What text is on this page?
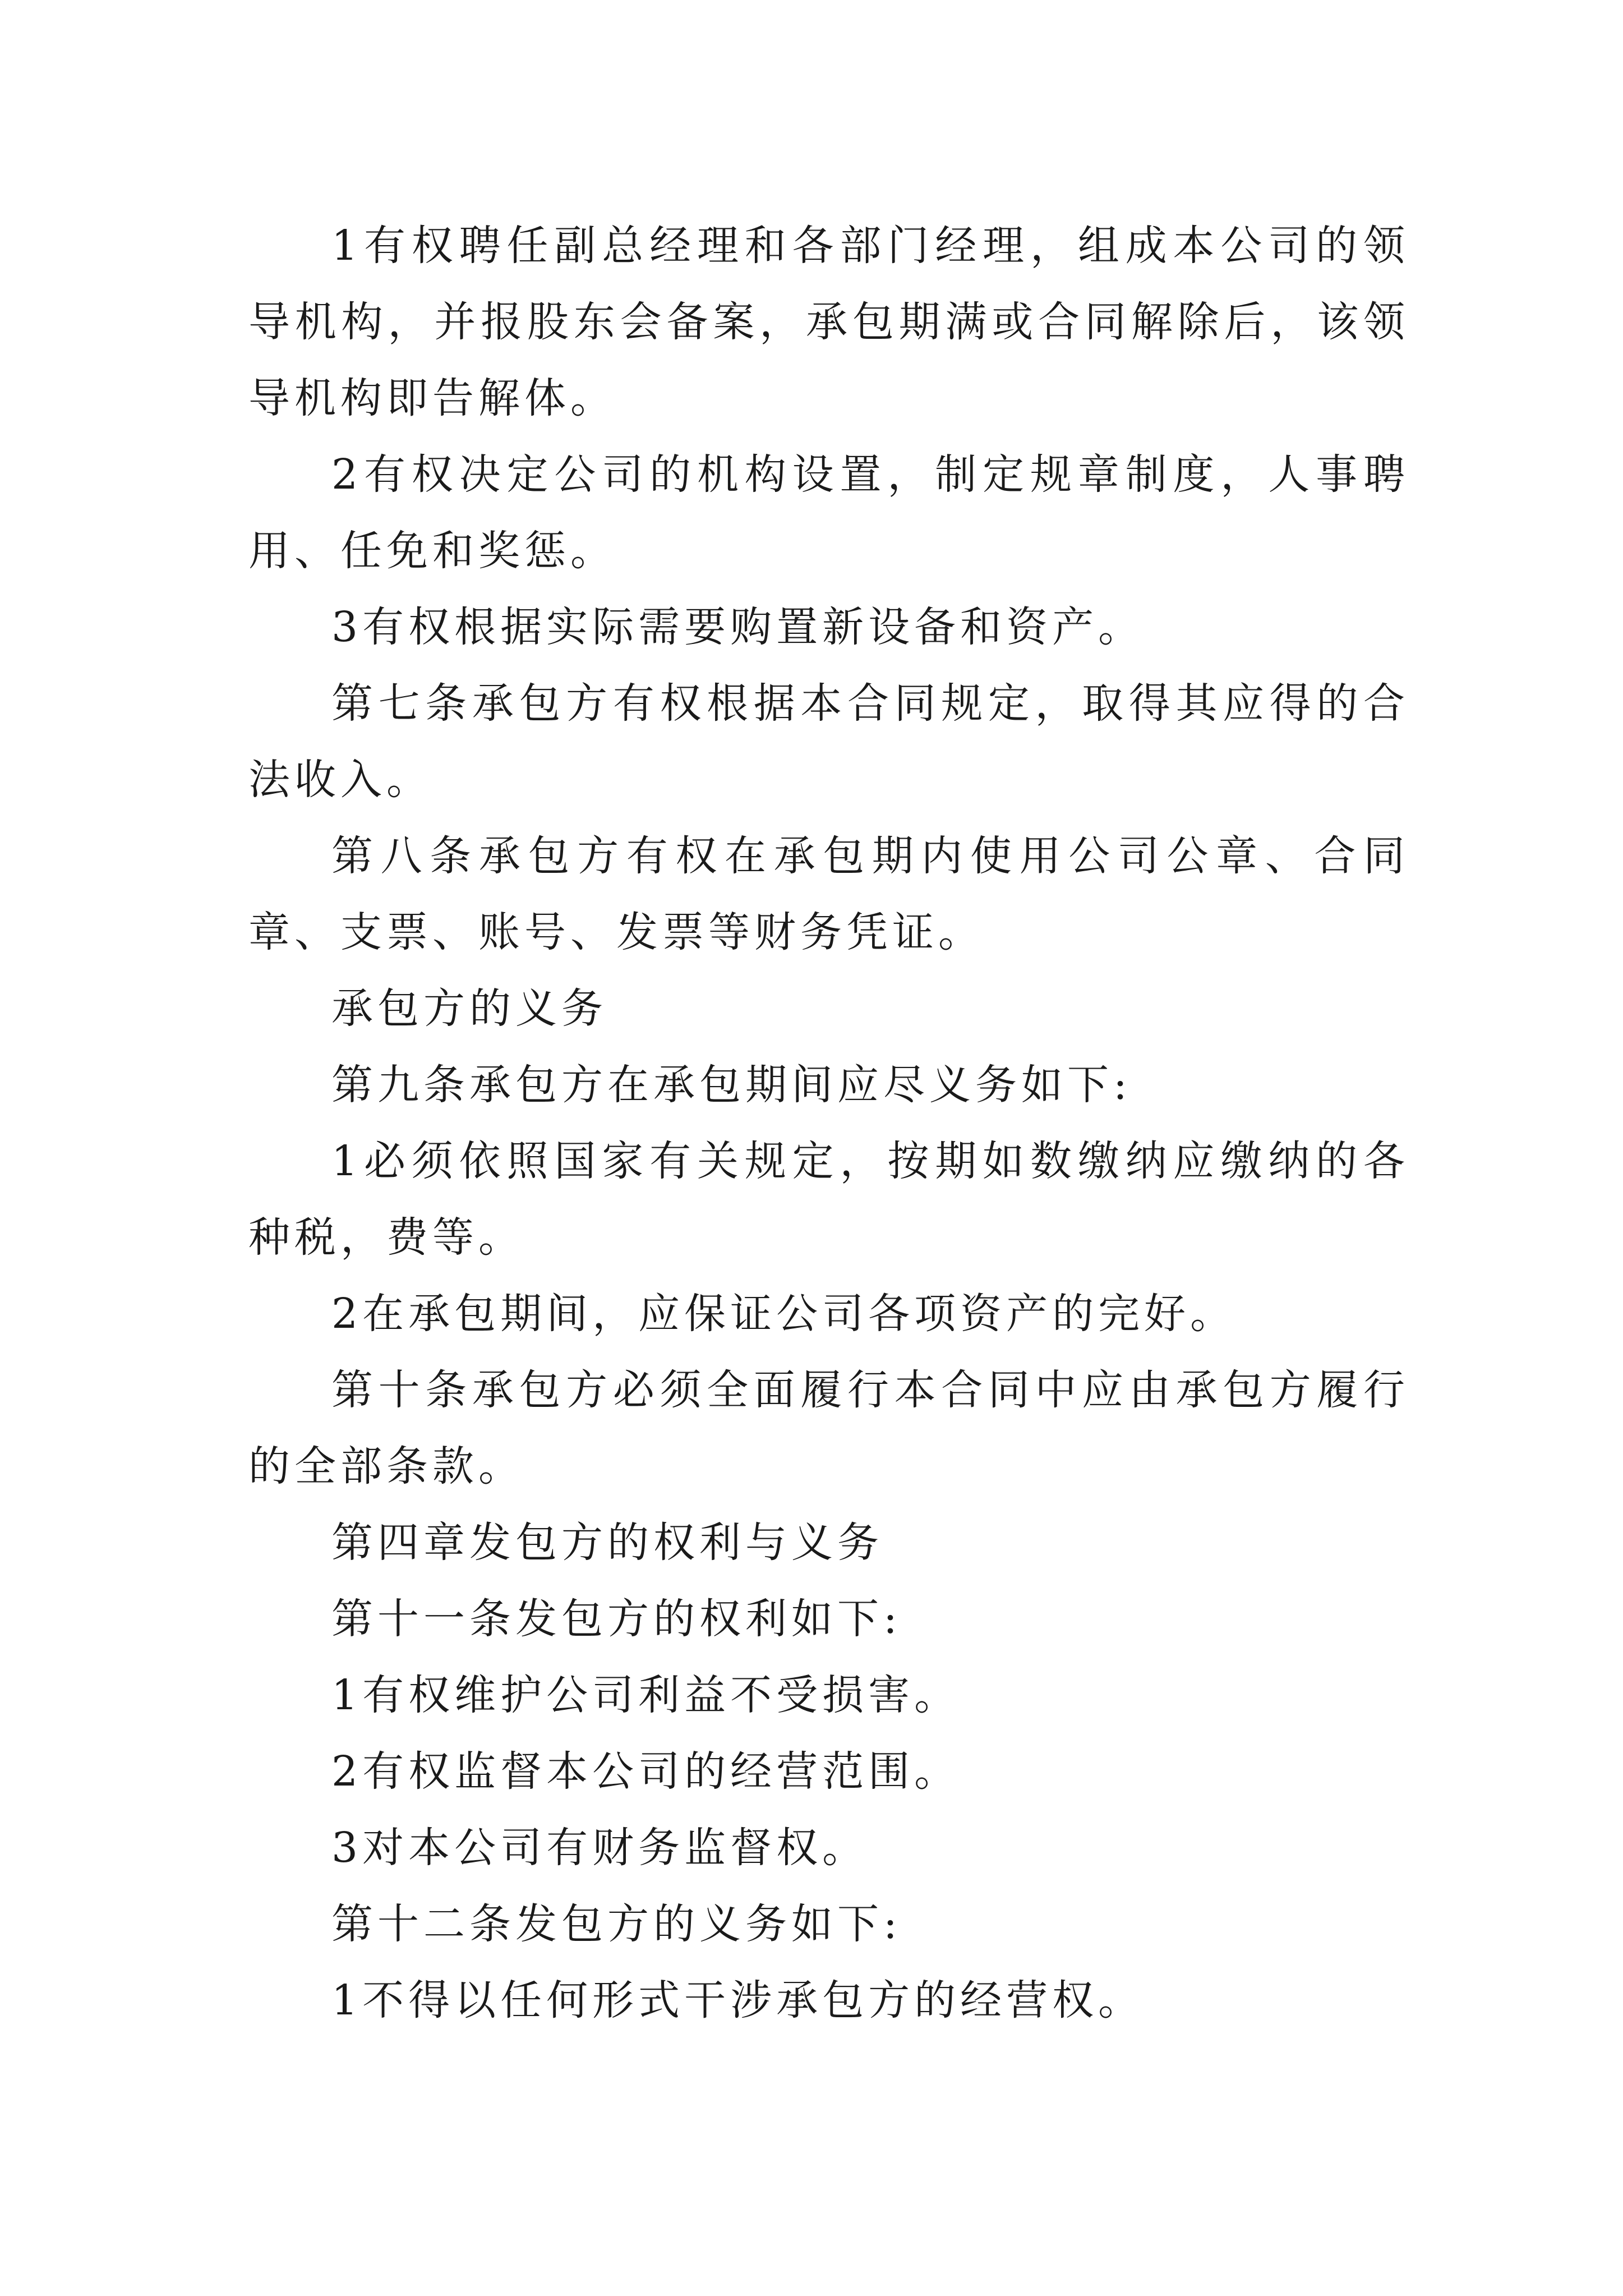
1有权聘任副总经理和各部门经理，组成本公司的领导机构，并报股东会备案，承包期满或合同解除后，该领导机构即告解体。

2有权决定公司的机构设置，制定规章制度，人事聘用、任免和奖惩。

3有权根据实际需要购置新设备和资产。

第七条承包方有权根据本合同规定，取得其应得的合法收入。

第八条承包方有权在承包期内使用公司公章、合同章、支票、账号、发票等财务凭证。

承包方的义务

第九条承包方在承包期间应尽义务如下:

1必须依照国家有关规定，按期如数缴纳应缴纳的各种税，费等。

2在承包期间，应保证公司各项资产的完好。

第十条承包方必须全面履行本合同中应由承包方履行的全部条款。

第四章发包方的权利与义务

第十一条发包方的权利如下:

1有权维护公司利益不受损害。

2有权监督本公司的经营范围。

3对本公司有财务监督权。

第十二条发包方的义务如下:

1不得以任何形式干涉承包方的经营权。
